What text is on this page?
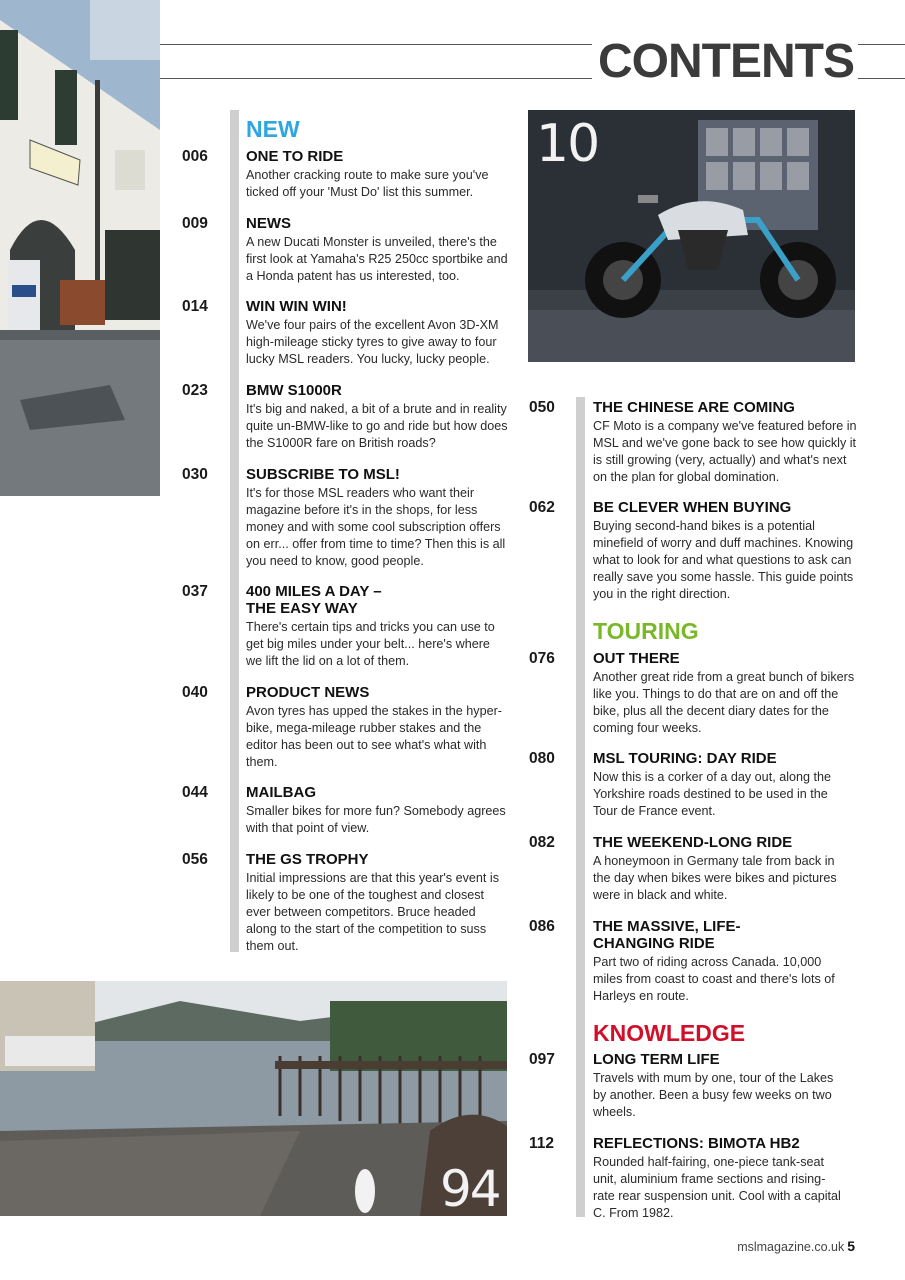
CONTENTS
10
94
NEW
006	ONE TO RIDE
Another cracking route to make sure you've ticked off your 'Must Do' list this summer.
009	NEWS
A new Ducati Monster is unveiled, there's the first look at Yamaha's R25 250cc sportbike and a Honda patent has us interested, too.
014	WIN WIN WIN!
We've four pairs of the excellent Avon 3D-XM high-mileage sticky tyres to give away to four lucky MSL readers. You lucky, lucky people.
023	BMW S1000R
It's big and naked, a bit of a brute and in reality quite un-BMW-like to go and ride but how does the S1000R fare on British roads?
030	SUBSCRIBE TO MSL!
It's for those MSL readers who want their magazine before it's in the shops, for less money and with some cool subscription offers on err... offer from time to time? Then this is all you need to know, good people.
037	400 MILES A DAY – THE EASY WAY
There's certain tips and tricks you can use to get big miles under your belt... here's where we lift the lid on a lot of them.
040	PRODUCT NEWS
Avon tyres has upped the stakes in the hyper-bike, mega-mileage rubber stakes and the editor has been out to see what's what with them.
044	MAILBAG
Smaller bikes for more fun? Somebody agrees with that point of view.
056	THE GS TROPHY
Initial impressions are that this year's event is likely to be one of the toughest and closest ever between competitors. Bruce headed along to the start of the competition to suss them out.
050	THE CHINESE ARE COMING
CF Moto is a company we've featured before in MSL and we've gone back to see how quickly it is still growing (very, actually) and what's next on the plan for global domination.
062	BE CLEVER WHEN BUYING
Buying second-hand bikes is a potential minefield of worry and duff machines. Knowing what to look for and what questions to ask can really save you some hassle. This guide points you in the right direction.
TOURING
076	OUT THERE
Another great ride from a great bunch of bikers like you. Things to do that are on and off the bike, plus all the decent diary dates for the coming four weeks.
080	MSL TOURING: DAY RIDE
Now this is a corker of a day out, along the Yorkshire roads destined to be used in the Tour de France event.
082	THE WEEKEND-LONG RIDE
A honeymoon in Germany tale from back in the day when bikes were bikes and pictures were in black and white.
086	THE MASSIVE, LIFE-CHANGING RIDE
Part two of riding across Canada. 10,000 miles from coast to coast and there's lots of Harleys en route.
KNOWLEDGE
097	LONG TERM LIFE
Travels with mum by one, tour of the Lakes by another. Been a busy few weeks on two wheels.
112	REFLECTIONS: BIMOTA HB2
Rounded half-fairing, one-piece tank-seat unit, aluminium frame sections and rising-rate rear suspension unit. Cool with a capital C. From 1982.
mslmagazine.co.uk 5
